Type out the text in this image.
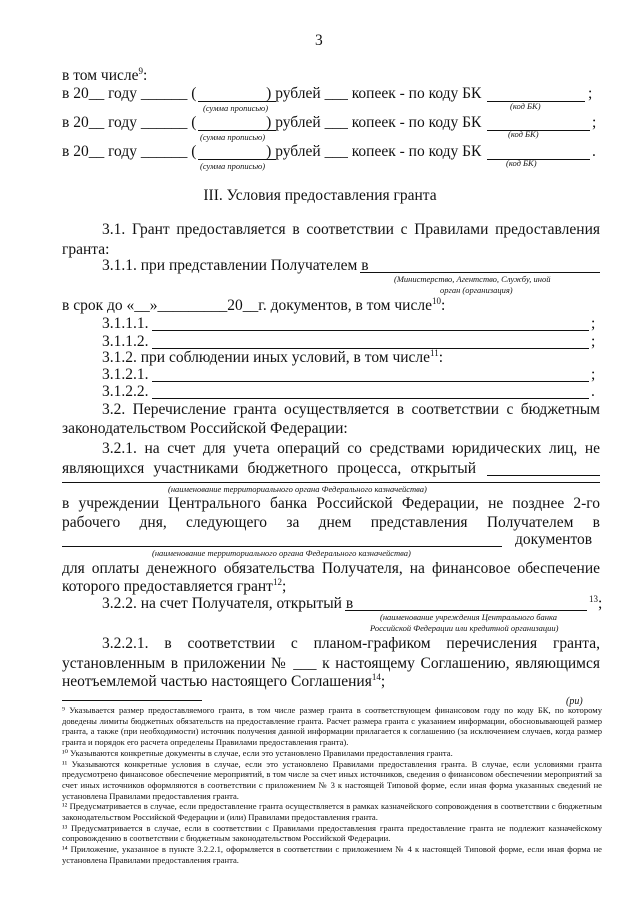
3
в том числе$^9$:
в 20__ году ______ (	) рублей ___ копеек - по коду БК	;
(сумма прописью)	(код БК)
в 20__ году ______ (	) рублей ___ копеек - по коду БК	;
(сумма прописью)	(код БК)
в 20__ году ______ (	) рублей ___ копеек - по коду БК	.
(сумма прописью)	(код БК)
III. Условия предоставления гранта
3.1. Грант предоставляется в соответствии с Правилами предоставления
гранта:
3.1.1. при представлении Получателем в
(Министерство, Агентство, Службу, иной
орган (организация)
в срок до «__»_________20__г. документов, в том числе$^{10}$:
3.1.1.1.	;
3.1.1.2.	;
3.1.2. при соблюдении иных условий, в том числе$^{11}$:
3.1.2.1.	;
3.1.2.2.	.
3.2. Перечисление гранта осуществляется в соответствии с бюджетным
законодательством Российской Федерации:
3.2.1. на счет для учета операций со средствами юридических лиц, не
являющихся участниками бюджетного процесса, открытый
(наименование территориального органа Федерального казначейства)
в учреждении Центрального банка Российской Федерации, не позднее 2-го
рабочего дня, следующего за днем представления Получателем в
документов
(наименование территориального органа Федерального казначейства)
для оплаты денежного обязательства Получателя, на финансовое обеспечение
которого предоставляется грант$^{12}$;
3.2.2. на счет Получателя, открытый в	$^{13}$;
(наименование учреждения Центрального банка
Российской Федерации или кредитной организации)
3.2.2.1. в соответствии с планом-графиком перечисления гранта,
установленным в приложении № ___ к настоящему Соглашению, являющимся
неотъемлемой частью настоящего Соглашения$^{14}$;
(pu)
⁹ Указывается размер предоставляемого гранта, в том числе размер гранта в соответствующем финансовом году по коду БК, по которому доведены лимиты бюджетных обязательств на предоставление гранта. Расчет размера гранта с указанием информации, обосновывающей размер гранта, а также (при необходимости) источник получения данной информации прилагается к соглашению (за исключением случаев, когда размер гранта и порядок его расчета определены Правилами предоставления гранта).
¹⁰ Указываются конкретные документы в случае, если это установлено Правилами предоставления гранта.
¹¹ Указываются конкретные условия в случае, если это установлено Правилами предоставления гранта. В случае, если условиями гранта предусмотрено финансовое обеспечение мероприятий, в том числе за счет иных источников, сведения о финансовом обеспечении мероприятий за счет иных источников оформляются в соответствии с приложением № 3 к настоящей Типовой форме, если иная форма указанных сведений не установлена Правилами предоставления гранта.
¹² Предусматривается в случае, если предоставление гранта осуществляется в рамках казначейского сопровождения в соответствии с бюджетным законодательством Российской Федерации и (или) Правилами предоставления гранта.
¹³ Предусматривается в случае, если в соответствии с Правилами предоставления гранта предоставление гранта не подлежит казначейскому сопровождению в соответствии с бюджетным законодательством Российской Федерации.
¹⁴ Приложение, указанное в пункте 3.2.2.1, оформляется в соответствии с приложением № 4 к настоящей Типовой форме, если иная форма не установлена Правилами предоставления гранта.
